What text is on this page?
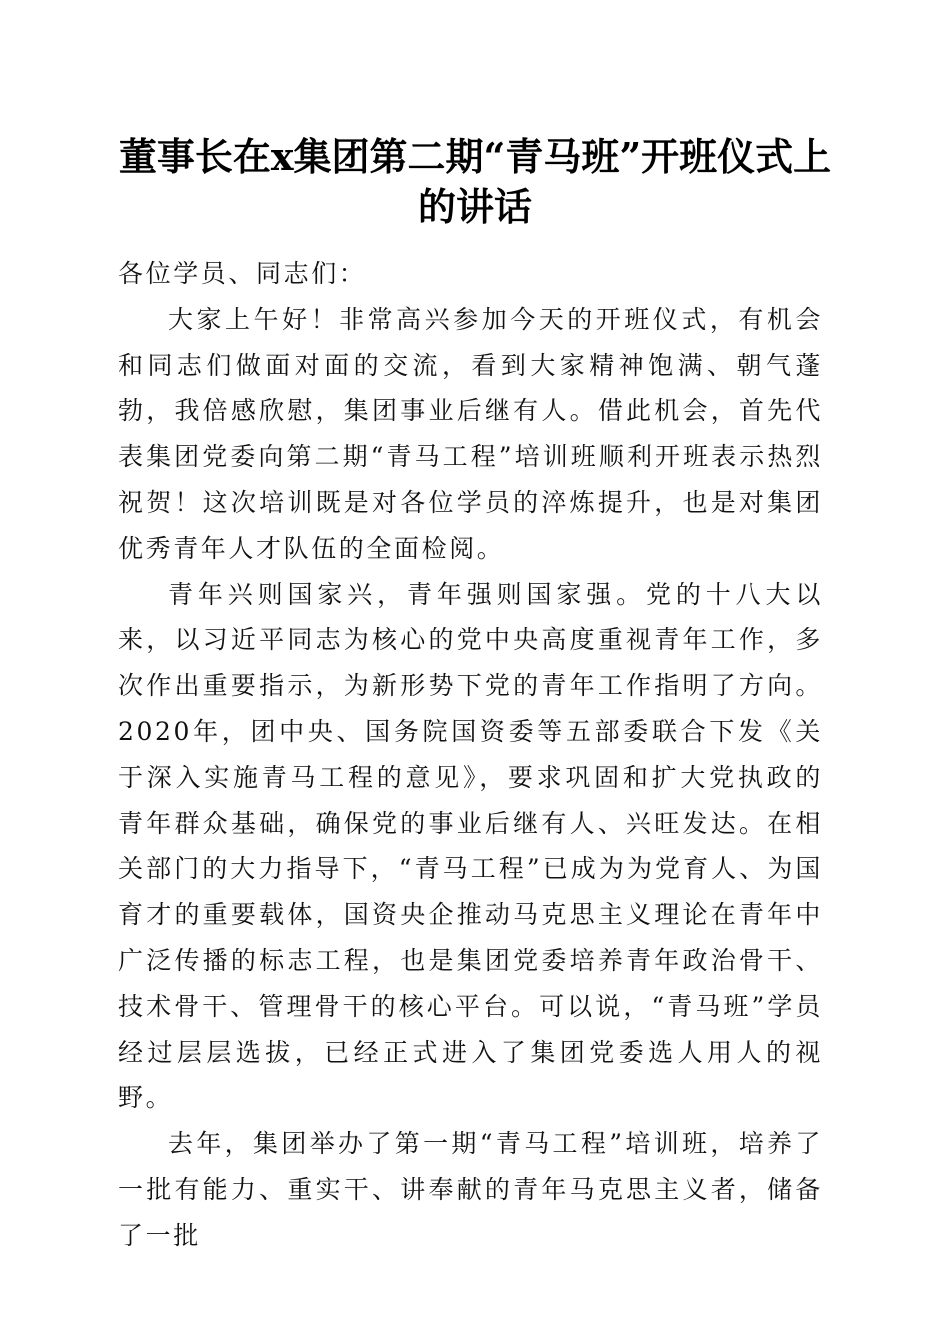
董事长在x集团第二期“青马班”开班仪式上的讲话

各位学员、同志们：

大家上午好！非常高兴参加今天的开班仪式，有机会和同志们做面对面的交流，看到大家精神饱满、朝气蓬勃，我倍感欣慰，集团事业后继有人。借此机会，首先代表集团党委向第二期“青马工程”培训班顺利开班表示热烈祝贺！这次培训既是对各位学员的淬炼提升，也是对集团优秀青年人才队伍的全面检阅。

青年兴则国家兴，青年强则国家强。党的十八大以来，以习近平同志为核心的党中央高度重视青年工作，多次作出重要指示，为新形势下党的青年工作指明了方向。2020年，团中央、国务院国资委等五部委联合下发《关于深入实施青马工程的意见》，要求巩固和扩大党执政的青年群众基础，确保党的事业后继有人、兴旺发达。在相关部门的大力指导下，“青马工程”已成为为党育人、为国育才的重要载体，国资央企推动马克思主义理论在青年中广泛传播的标志工程，也是集团党委培养青年政治骨干、技术骨干、管理骨干的核心平台。可以说，“青马班”学员经过层层选拔，已经正式进入了集团党委选人用人的视野。

去年，集团举办了第一期“青马工程”培训班，培养了一批有能力、重实干、讲奉献的青年马克思主义者，储备了一批
